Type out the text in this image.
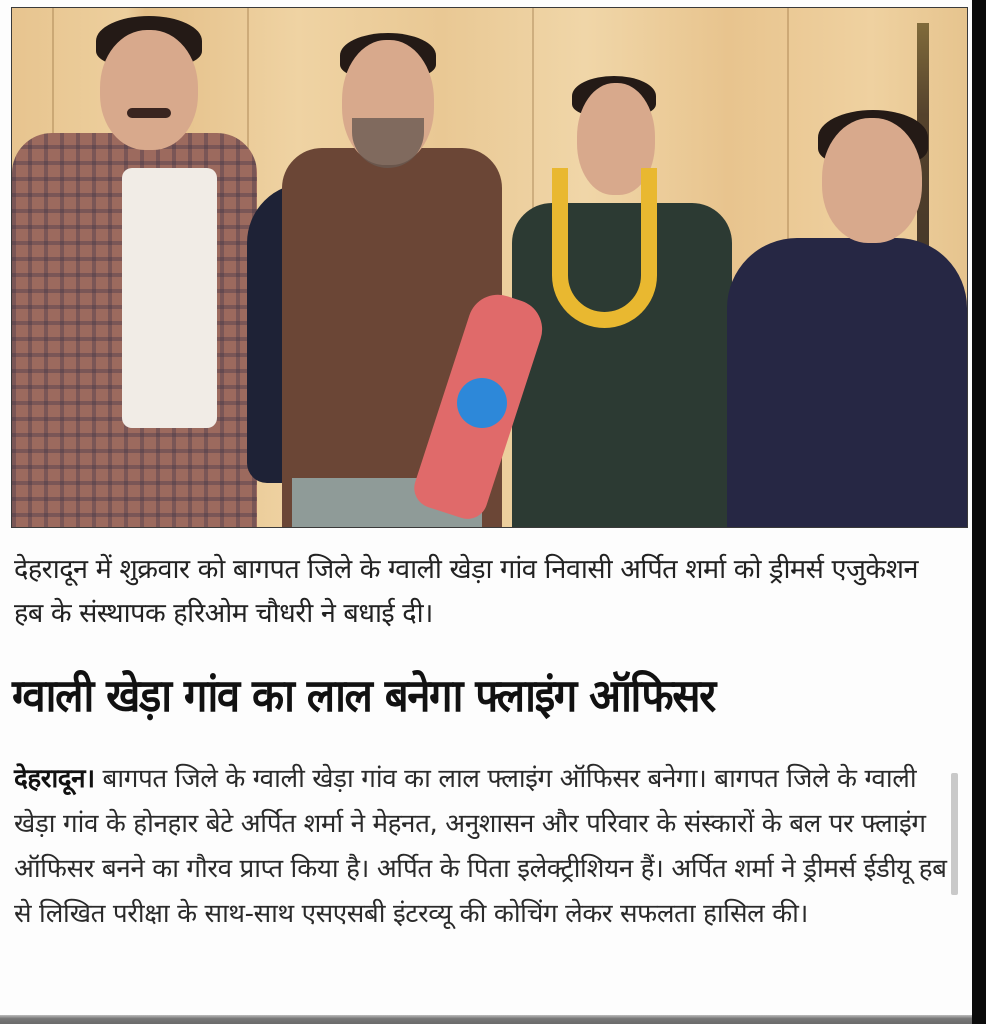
देहरादून में शुक्रवार को बागपत जिले के ग्वाली खेड़ा गांव निवासी अर्पित शर्मा को ड्रीमर्स एजुकेशन हब के संस्थापक हरिओम चौधरी ने बधाई दी।
ग्वाली खेड़ा गांव का लाल बनेगा फ्लाइंग ऑफिसर
देहरादून। बागपत जिले के ग्वाली खेड़ा गांव का लाल फ्लाइंग ऑफिसर बनेगा। बागपत जिले के ग्वाली खेड़ा गांव के होनहार बेटे अर्पित शर्मा ने मेहनत, अनुशासन और परिवार के संस्कारों के बल पर फ्लाइंग ऑफिसर बनने का गौरव प्राप्त किया है। अर्पित के पिता इलेक्ट्रीशियन हैं। अर्पित शर्मा ने ड्रीमर्स ईडीयू हब से लिखित परीक्षा के साथ-साथ एसएसबी इंटरव्यू की कोचिंग लेकर सफलता हासिल की।
